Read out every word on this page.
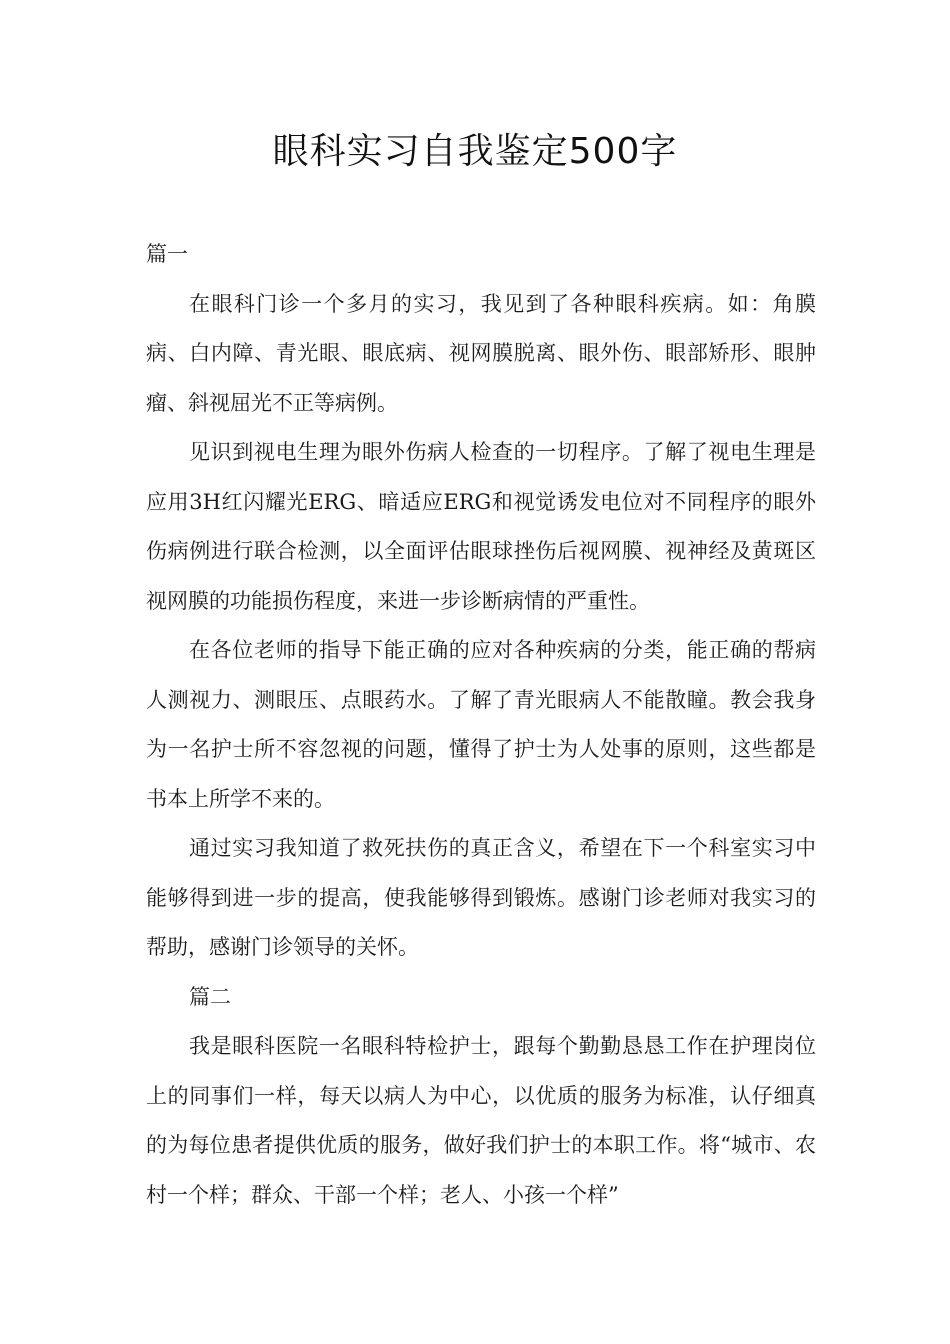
眼科实习自我鉴定500字

篇一

在眼科门诊一个多月的实习，我见到了各种眼科疾病。如：角膜病、白内障、青光眼、眼底病、视网膜脱离、眼外伤、眼部矫形、眼肿瘤、斜视屈光不正等病例。

见识到视电生理为眼外伤病人检查的一切程序。了解了视电生理是应用3H红闪耀光ERG、暗适应ERG和视觉诱发电位对不同程序的眼外伤病例进行联合检测，以全面评估眼球挫伤后视网膜、视神经及黄斑区视网膜的功能损伤程度，来进一步诊断病情的严重性。

在各位老师的指导下能正确的应对各种疾病的分类，能正确的帮病人测视力、测眼压、点眼药水。了解了青光眼病人不能散瞳。教会我身为一名护士所不容忽视的问题，懂得了护士为人处事的原则，这些都是书本上所学不来的。

通过实习我知道了救死扶伤的真正含义，希望在下一个科室实习中能够得到进一步的提高，使我能够得到锻炼。感谢门诊老师对我实习的帮助，感谢门诊领导的关怀。

篇二

我是眼科医院一名眼科特检护士，跟每个勤勤恳恳工作在护理岗位上的同事们一样，每天以病人为中心，以优质的服务为标准，认仔细真的为每位患者提供优质的服务，做好我们护士的本职工作。将“城市、农村一个样；群众、干部一个样；老人、小孩一个样”
